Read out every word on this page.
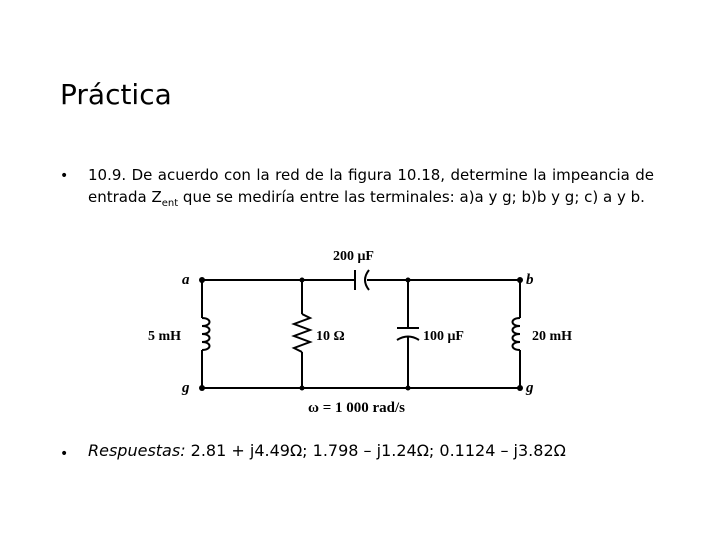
Práctica
• 10.9. De acuerdo con la red de la figura 10.18, determine la impeancia de entrada $Z_{ent}$ que se mediría entre las terminales: a)a y g; b)b y g; c) a y b.
200 μF
5 mH	10 Ω	100 μF	20 mH
ω = 1 000 rad/s
a	b
g	g
• Respuestas: 2.81 + j4.49Ω; 1.798 – j1.24Ω; 0.1124 – j3.82Ω
